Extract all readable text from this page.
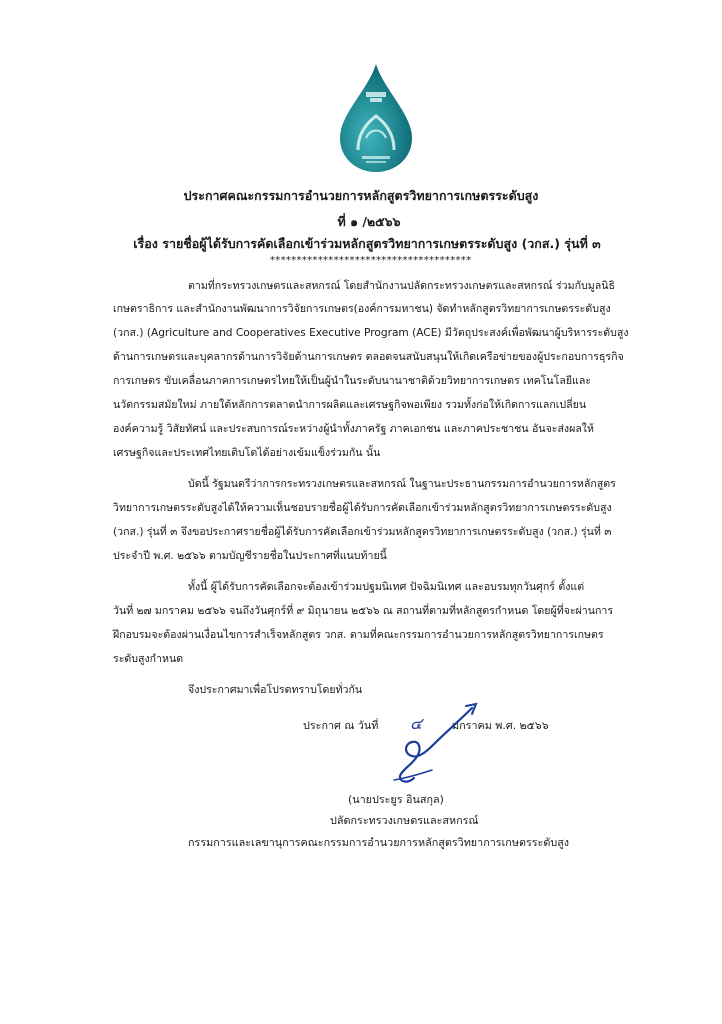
ประกาศคณะกรรมการอำนวยการหลักสูตรวิทยาการเกษตรระดับสูง
ที่ ๑ /๒๕๖๖
เรื่อง รายชื่อผู้ได้รับการคัดเลือกเข้าร่วมหลักสูตรวิทยาการเกษตรระดับสูง (วกส.) รุ่นที่ ๓
**************************************
ตามที่กระทรวงเกษตรและสหกรณ์ โดยสำนักงานปลัดกระทรวงเกษตรและสหกรณ์ ร่วมกับมูลนิธิ
เกษตราธิการ และสำนักงานพัฒนาการวิจัยการเกษตร(องค์การมหาชน) จัดทำหลักสูตรวิทยาการเกษตรระดับสูง
(วกส.) (Agriculture and Cooperatives Executive Program (ACE) มีวัตถุประสงค์เพื่อพัฒนาผู้บริหารระดับสูง
ด้านการเกษตรและบุคลากรด้านการวิจัยด้านการเกษตร ตลอดจนสนับสนุนให้เกิดเครือข่ายของผู้ประกอบการธุรกิจ
การเกษตร ขับเคลื่อนภาคการเกษตรไทยให้เป็นผู้นำในระดับนานาชาติด้วยวิทยาการเกษตร เทคโนโลยีและ
นวัตกรรมสมัยใหม่ ภายใต้หลักการตลาดนำการผลิตและเศรษฐกิจพอเพียง รวมทั้งก่อให้เกิดการแลกเปลี่ยน
องค์ความรู้ วิสัยทัศน์ และประสบการณ์ระหว่างผู้นำทั้งภาครัฐ ภาคเอกชน และภาคประชาชน อันจะส่งผลให้
เศรษฐกิจและประเทศไทยเติบโตได้อย่างเข้มแข็งร่วมกัน นั้น
บัดนี้ รัฐมนตรีว่าการกระทรวงเกษตรและสหกรณ์ ในฐานะประธานกรรมการอำนวยการหลักสูตร
วิทยาการเกษตรระดับสูงได้ให้ความเห็นชอบรายชื่อผู้ได้รับการคัดเลือกเข้าร่วมหลักสูตรวิทยาการเกษตรระดับสูง
(วกส.) รุ่นที่ ๓ จึงขอประกาศรายชื่อผู้ได้รับการคัดเลือกเข้าร่วมหลักสูตรวิทยาการเกษตรระดับสูง (วกส.) รุ่นที่ ๓
ประจำปี พ.ศ. ๒๕๖๖ ตามบัญชีรายชื่อในประกาศที่แนบท้ายนี้
ทั้งนี้ ผู้ได้รับการคัดเลือกจะต้องเข้าร่วมปฐมนิเทศ ปัจฉิมนิเทศ และอบรมทุกวันศุกร์ ตั้งแต่
วันที่ ๒๗ มกราคม ๒๕๖๖ จนถึงวันศุกร์ที่ ๙ มิถุนายน ๒๕๖๖ ณ สถานที่ตามที่หลักสูตรกำหนด โดยผู้ที่จะผ่านการ
ฝึกอบรมจะต้องผ่านเงื่อนไขการสำเร็จหลักสูตร วกส. ตามที่คณะกรรมการอำนวยการหลักสูตรวิทยาการเกษตร
ระดับสูงกำหนด
จึงประกาศมาเพื่อโปรดทราบโดยทั่วกัน
ประกาศ ณ วันที่ ๔	มกราคม พ.ศ. ๒๕๖๖
(นายประยูร อินสกุล)
ปลัดกระทรวงเกษตรและสหกรณ์
กรรมการและเลขานุการคณะกรรมการอำนวยการหลักสูตรวิทยาการเกษตรระดับสูง
